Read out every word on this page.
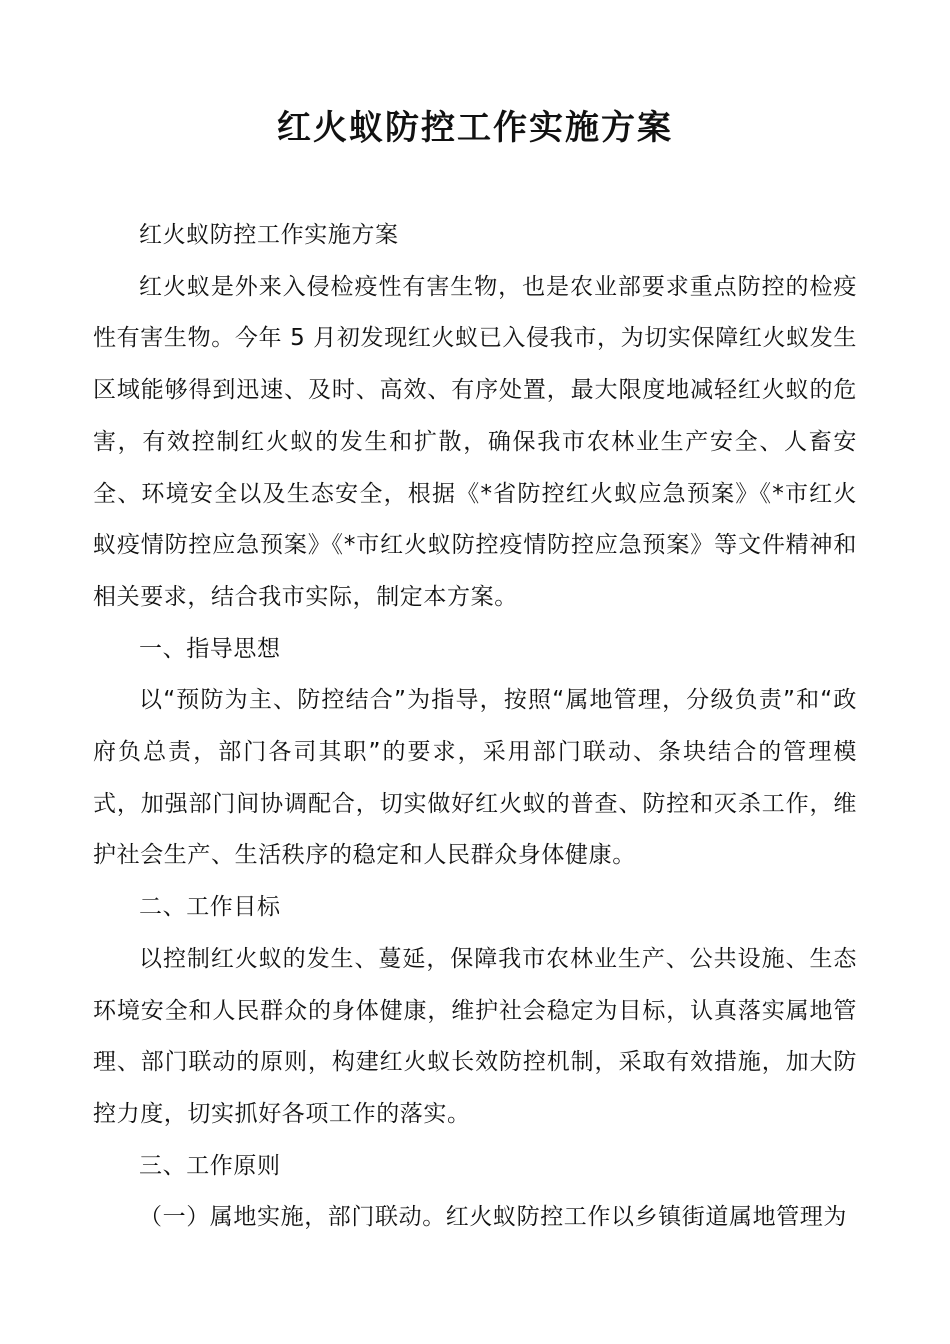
红火蚁防控工作实施方案

红火蚁防控工作实施方案

红火蚁是外来入侵检疫性有害生物，也是农业部要求重点防控的检疫性有害生物。今年 5 月初发现红火蚁已入侵我市，为切实保障红火蚁发生区域能够得到迅速、及时、高效、有序处置，最大限度地减轻红火蚁的危害，有效控制红火蚁的发生和扩散，确保我市农林业生产安全、人畜安全、环境安全以及生态安全，根据《*省防控红火蚁应急预案》《*市红火蚁疫情防控应急预案》《*市红火蚁防控疫情防控应急预案》等文件精神和相关要求，结合我市实际，制定本方案。

一、指导思想

以“预防为主、防控结合”为指导，按照“属地管理，分级负责”和“政府负总责，部门各司其职”的要求，采用部门联动、条块结合的管理模式，加强部门间协调配合，切实做好红火蚁的普查、防控和灭杀工作，维护社会生产、生活秩序的稳定和人民群众身体健康。

二、工作目标

以控制红火蚁的发生、蔓延，保障我市农林业生产、公共设施、生态环境安全和人民群众的身体健康，维护社会稳定为目标，认真落实属地管理、部门联动的原则，构建红火蚁长效防控机制，采取有效措施，加大防控力度，切实抓好各项工作的落实。

三、工作原则

（一）属地实施，部门联动。红火蚁防控工作以乡镇街道属地管理为
